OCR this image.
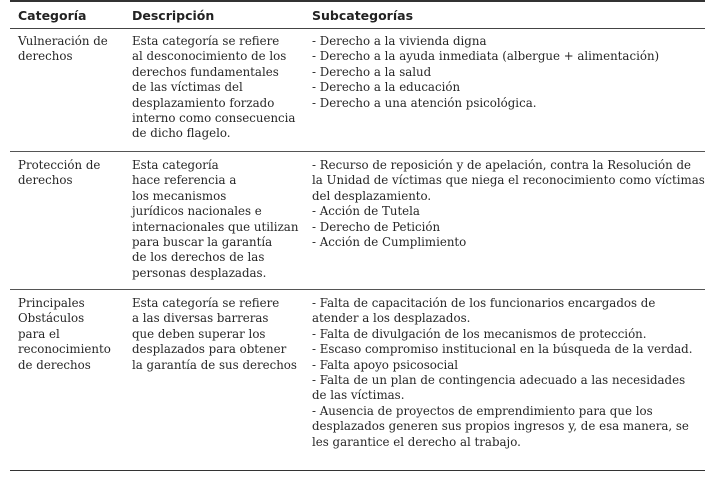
Categoría	Descripción	Subcategorías
Vulneración de
derechos
Esta categoría se refiere
al desconocimiento de los
derechos fundamentales
de las víctimas del
desplazamiento forzado
interno como consecuencia
de dicho flagelo.
- Derecho a la vivienda digna
- Derecho a la ayuda inmediata (albergue + alimentación)
- Derecho a la salud
- Derecho a la educación
- Derecho a una atención psicológica.
Protección de
derechos
Esta categoría
hace referencia a
los mecanismos
jurídicos nacionales e
internacionales que utilizan
para buscar la garantía
de los derechos de las
personas desplazadas.
- Recurso de reposición y de apelación, contra la Resolución de
la Unidad de víctimas que niega el reconocimiento como víctimas
del desplazamiento.
- Acción de Tutela
- Derecho de Petición
- Acción de Cumplimiento
Principales
Obstáculos
para el
reconocimiento
de derechos
Esta categoría se refiere
a las diversas barreras
que deben superar los
desplazados para obtener
la garantía de sus derechos
- Falta de capacitación de los funcionarios encargados de
atender a los desplazados.
- Falta de divulgación de los mecanismos de protección.
- Escaso compromiso institucional en la búsqueda de la verdad.
- Falta apoyo psicosocial
- Falta de un plan de contingencia adecuado a las necesidades
de las víctimas.
- Ausencia de proyectos de emprendimiento para que los
desplazados generen sus propios ingresos y, de esa manera, se
les garantice el derecho al trabajo.
